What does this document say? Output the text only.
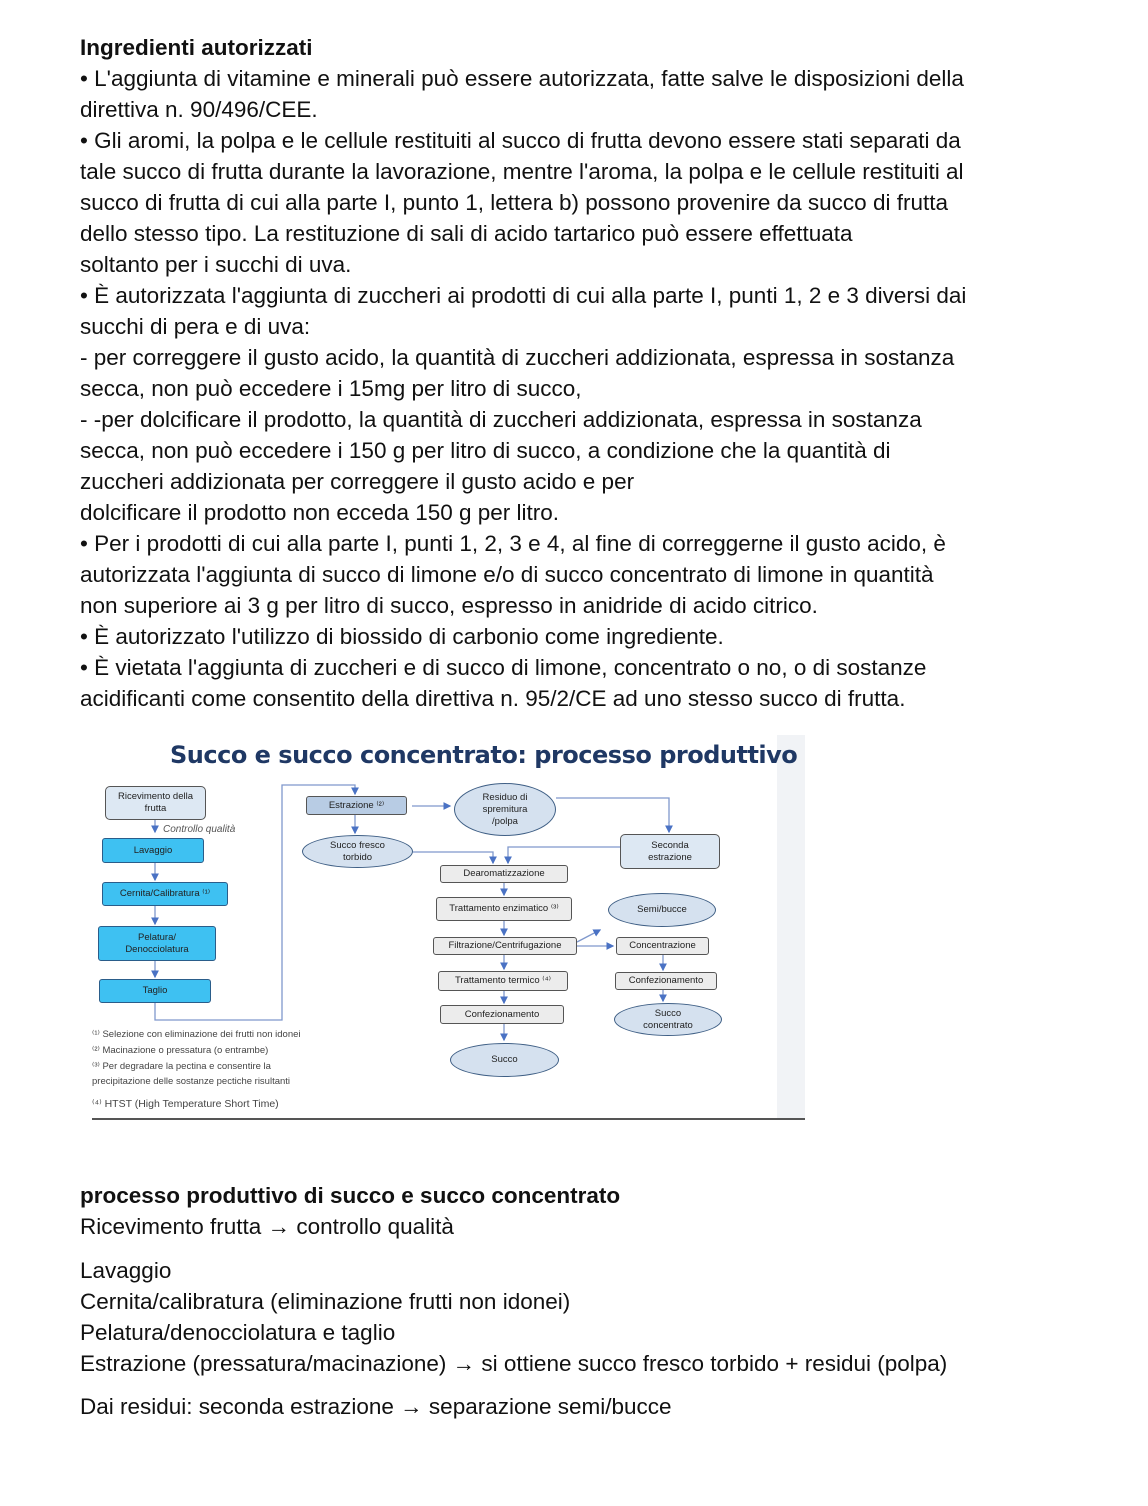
Ingredienti autorizzati
• L'aggiunta di vitamine e minerali può essere autorizzata, fatte salve le disposizioni della
direttiva n. 90/496/CEE.
• Gli aromi, la polpa e le cellule restituiti al succo di frutta devono essere stati separati da
tale succo di frutta durante la lavorazione, mentre l'aroma, la polpa e le cellule restituiti al
succo di frutta di cui alla parte I, punto 1, lettera b) possono provenire da succo di frutta
dello stesso tipo. La restituzione di sali di acido tartarico può essere effettuata
soltanto per i succhi di uva.
• È autorizzata l'aggiunta di zuccheri ai prodotti di cui alla parte I, punti 1, 2 e 3 diversi dai
succhi di pera e di uva:
- per correggere il gusto acido, la quantità di zuccheri addizionata, espressa in sostanza
secca, non può eccedere i 15mg per litro di succo,
- -per dolcificare il prodotto, la quantità di zuccheri addizionata, espressa in sostanza
secca, non può eccedere i 150 g per litro di succo, a condizione che la quantità di
zuccheri addizionata per correggere il gusto acido e per
dolcificare il prodotto non ecceda 150 g per litro.
• Per i prodotti di cui alla parte I, punti 1, 2, 3 e 4, al fine di correggerne il gusto acido, è
autorizzata l'aggiunta di succo di limone e/o di succo concentrato di limone in quantità
non superiore ai 3 g per litro di succo, espresso in anidride di acido citrico.
• È autorizzato l'utilizzo di biossido di carbonio come ingrediente.
• È vietata l'aggiunta di zuccheri e di succo di limone, concentrato o no, o di sostanze
acidificanti come consentito della direttiva n. 95/2/CE ad uno stesso succo di frutta.
Succo e succo concentrato: processo produttivo
Ricevimento della frutta
Controllo qualità
Lavaggio
Cernita/Calibratura ⁽¹⁾
Pelatura/ Denocciolatura
Taglio
Estrazione ⁽²⁾
Succo fresco torbido
Residuo di spremitura /polpa
Seconda estrazione
Dearomatizzazione
Trattamento enzimatico ⁽³⁾	Semi/bucce
Filtrazione/Centrifugazione	Concentrazione
Trattamento termico ⁽⁴⁾	Confezionamento
Confezionamento	Succo concentrato
Succo
⁽¹⁾ Selezione con eliminazione dei frutti non idonei
⁽²⁾ Macinazione o pressatura (o entrambe)
⁽³⁾ Per degradare la pectina e consentire la
precipitazione delle sostanze pectiche risultanti
⁽⁴⁾ HTST (High Temperature Short Time)
processo produttivo di succo e succo concentrato
Ricevimento frutta → controllo qualità
Lavaggio
Cernita/calibratura (eliminazione frutti non idonei)
Pelatura/denocciolatura e taglio
Estrazione (pressatura/macinazione) → si ottiene succo fresco torbido + residui (polpa)
Dai residui: seconda estrazione → separazione semi/bucce
